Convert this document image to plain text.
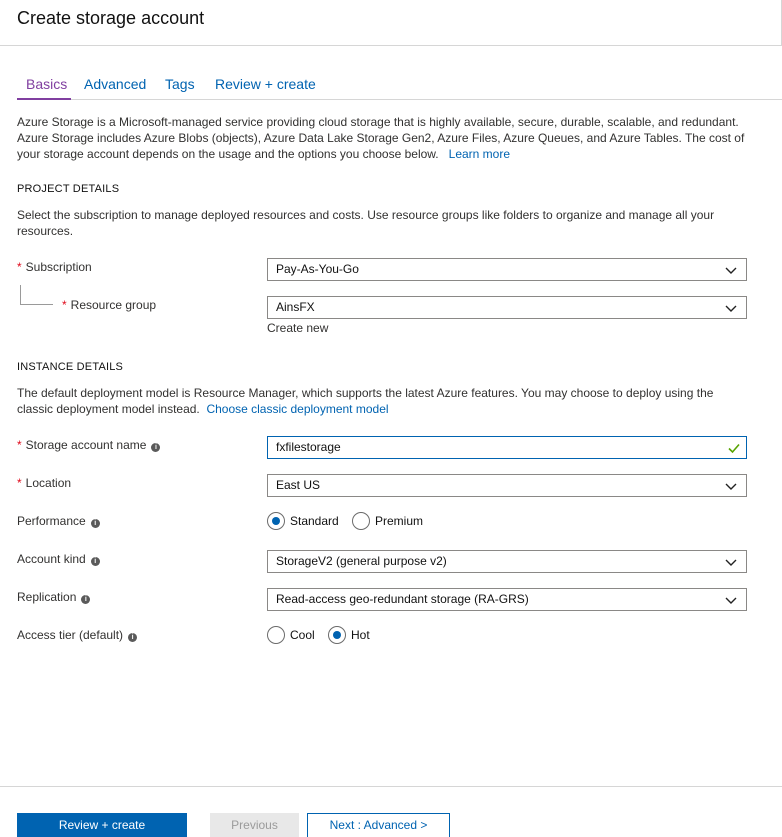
Create storage account
Basics Advanced Tags Review + create
Azure Storage is a Microsoft-managed service providing cloud storage that is highly available, secure, durable, scalable, and redundant.
Azure Storage includes Azure Blobs (objects), Azure Data Lake Storage Gen2, Azure Files, Azure Queues, and Azure Tables. The cost of
your storage account depends on the usage and the options you choose below. Learn more
PROJECT DETAILS
Select the subscription to manage deployed resources and costs. Use resource groups like folders to organize and manage all your
resources.
* Subscription	Pay-As-You-Go
* Resource group	AinsFX
Create new
INSTANCE DETAILS
The default deployment model is Resource Manager, which supports the latest Azure features. You may choose to deploy using the
classic deployment model instead. Choose classic deployment model
* Storage account name i	fxfilestorage
* Location	East US
Performance i	Standard	Premium
Account kind i	StorageV2 (general purpose v2)
Replication i	Read-access geo-redundant storage (RA-GRS)
Access tier (default) i	Cool	Hot
Review + create	Previous	Next : Advanced >
